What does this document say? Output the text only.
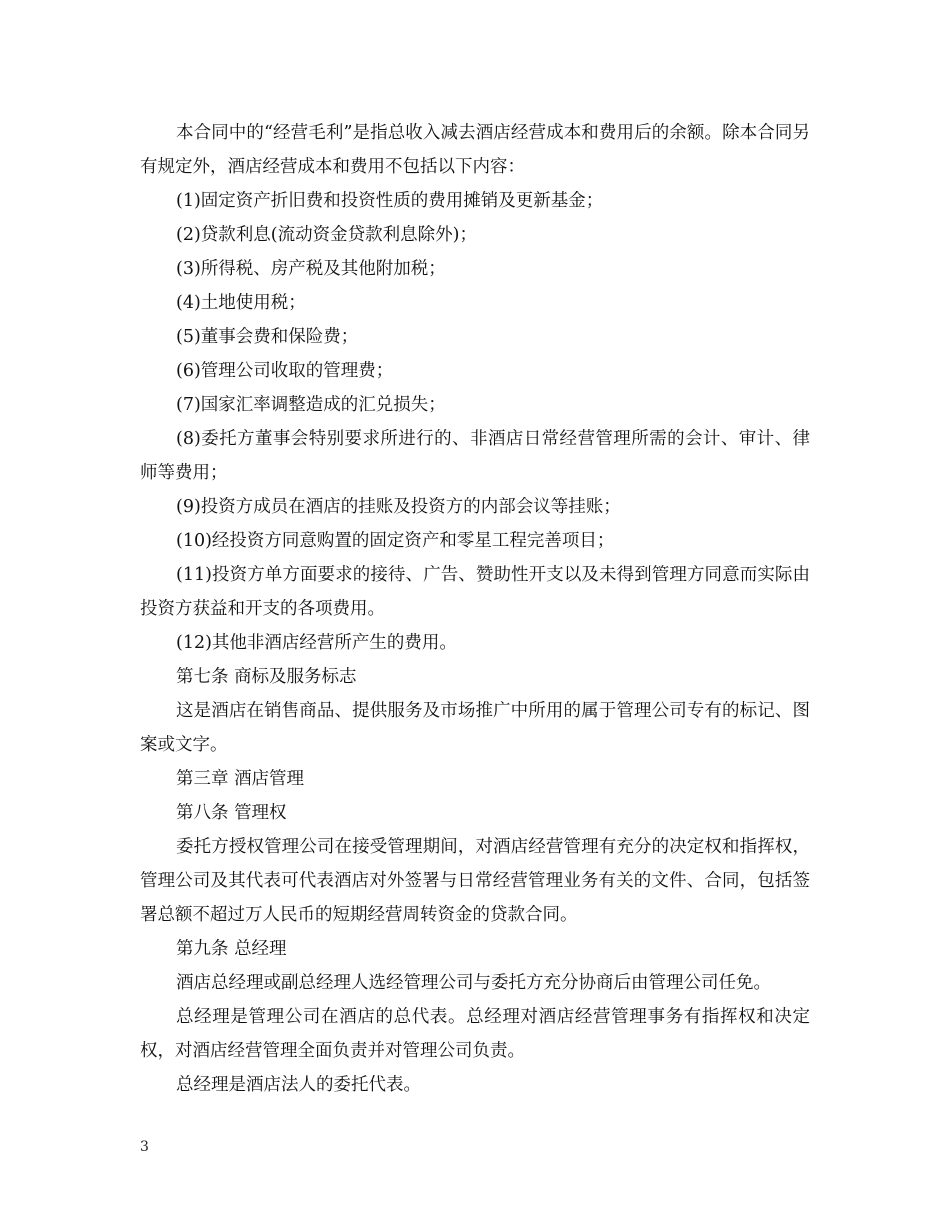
本合同中的“经营毛利”是指总收入减去酒店经营成本和费用后的余额。除本合同另有规定外，酒店经营成本和费用不包括以下内容：

(1)固定资产折旧费和投资性质的费用摊销及更新基金；

(2)贷款利息(流动资金贷款利息除外)；

(3)所得税、房产税及其他附加税；

(4)土地使用税；

(5)董事会费和保险费；

(6)管理公司收取的管理费；

(7)国家汇率调整造成的汇兑损失；

(8)委托方董事会特别要求所进行的、非酒店日常经营管理所需的会计、审计、律师等费用；

(9)投资方成员在酒店的挂账及投资方的内部会议等挂账；

(10)经投资方同意购置的固定资产和零星工程完善项目；

(11)投资方单方面要求的接待、广告、赞助性开支以及未得到管理方同意而实际由投资方获益和开支的各项费用。

(12)其他非酒店经营所产生的费用。

第七条 商标及服务标志

这是酒店在销售商品、提供服务及市场推广中所用的属于管理公司专有的标记、图案或文字。

第三章 酒店管理

第八条 管理权

委托方授权管理公司在接受管理期间，对酒店经营管理有充分的决定权和指挥权，管理公司及其代表可代表酒店对外签署与日常经营管理业务有关的文件、合同，包括签署总额不超过万人民币的短期经营周转资金的贷款合同。

第九条 总经理

酒店总经理或副总经理人选经管理公司与委托方充分协商后由管理公司任免。

总经理是管理公司在酒店的总代表。总经理对酒店经营管理事务有指挥权和决定权，对酒店经营管理全面负责并对管理公司负责。

总经理是酒店法人的委托代表。

3
